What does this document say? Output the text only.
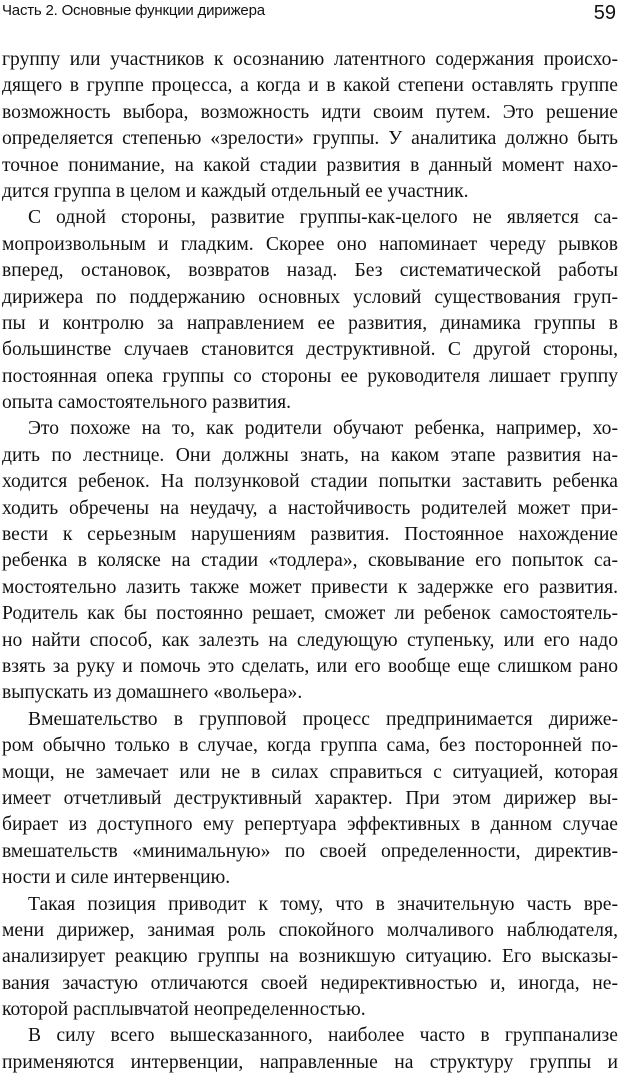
Часть 2. Основные функции дирижера	59
группу или участников к осознанию латентного содержания происхо-
дящего в группе процесса, а когда и в какой степени оставлять группе
возможность выбора, возможность идти своим путем. Это решение
определяется степенью «зрелости» группы. У аналитика должно быть
точное понимание, на какой стадии развития в данный момент нахо-
дится группа в целом и каждый отдельный ее участник.
С одной стороны, развитие группы-как-целого не является са-
мопроизвольным и гладким. Скорее оно напоминает череду рывков
вперед, остановок, возвратов назад. Без систематической работы
дирижера по поддержанию основных условий существования груп-
пы и контролю за направлением ее развития, динамика группы в
большинстве случаев становится деструктивной. С другой стороны,
постоянная опека группы со стороны ее руководителя лишает группу
опыта самостоятельного развития.
Это похоже на то, как родители обучают ребенка, например, хо-
дить по лестнице. Они должны знать, на каком этапе развития на-
ходится ребенок. На ползунковой стадии попытки заставить ребенка
ходить обречены на неудачу, а настойчивость родителей может при-
вести к серьезным нарушениям развития. Постоянное нахождение
ребенка в коляске на стадии «тодлера», сковывание его попыток са-
мостоятельно лазить также может привести к задержке его развития.
Родитель как бы постоянно решает, сможет ли ребенок самостоятель-
но найти способ, как залезть на следующую ступеньку, или его надо
взять за руку и помочь это сделать, или его вообще еще слишком рано
выпускать из домашнего «вольера».
Вмешательство в групповой процесс предпринимается дириже-
ром обычно только в случае, когда группа сама, без посторонней по-
мощи, не замечает или не в силах справиться с ситуацией, которая
имеет отчетливый деструктивный характер. При этом дирижер вы-
бирает из доступного ему репертуара эффективных в данном случае
вмешательств «минимальную» по своей определенности, директив-
ности и силе интервенцию.
Такая позиция приводит к тому, что в значительную часть вре-
мени дирижер, занимая роль спокойного молчаливого наблюдателя,
анализирует реакцию группы на возникшую ситуацию. Его высказы-
вания зачастую отличаются своей недирективностью и, иногда, не-
которой расплывчатой неопределенностью.
В силу всего вышесказанного, наиболее часто в группанализе
применяются интервенции, направленные на структуру группы и
